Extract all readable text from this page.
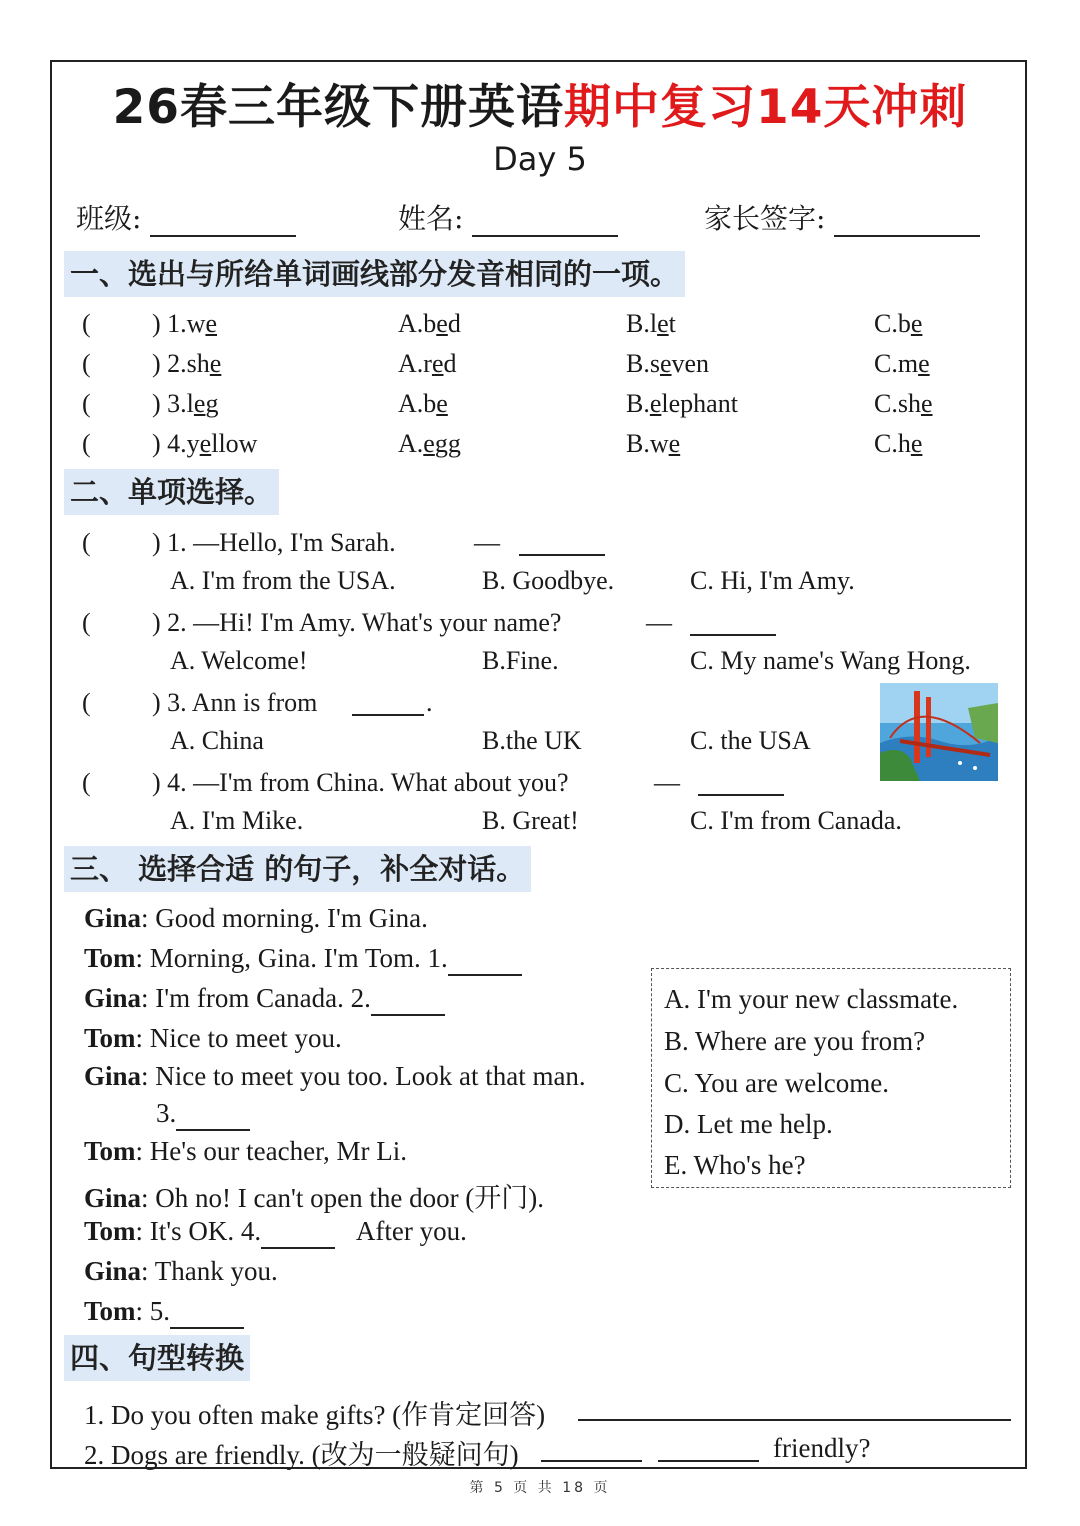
26春三年级下册英语期中复习14天冲刺
Day 5
班级:	姓名:	家长签字:
一、选出与所给单词画线部分发音相同的一项。
( ) 1.we	A.bed	B.let	C.be
( ) 2.she	A.red	B.seven	C.me
( ) 3.leg	A.be	B.elephant	C.she
( ) 4.yellow	A.egg	B.we	C.he
二、单项选择。
( ) 1. —Hello, I'm Sarah.	—
A. I'm from the USA.	B. Goodbye.	C. Hi, I'm Amy.
( ) 2. —Hi! I'm Amy. What's your name?	—
A. Welcome!	B.Fine.	C. My name's Wang Hong.
( ) 3. Ann is from	.
A. China	B.the UK	C. the USA
( ) 4. —I'm from China. What about you?	—
A. I'm Mike.	B. Great!	C. I'm from Canada.
三、 选择合适 的句子，补全对话。
Gina: Good morning. I'm Gina.
Tom: Morning, Gina. I'm Tom. 1.
Gina: I'm from Canada. 2.
Tom: Nice to meet you.
Gina: Nice to meet you too. Look at that man.
3.
Tom: He's our teacher, Mr Li.
Gina: Oh no! I can't open the door (开门).
Tom: It's OK. 4.	After you.
Gina: Thank you.
Tom: 5.
A. I'm your new classmate.
B. Where are you from?
C. You are welcome.
D. Let me help.
E. Who's he?
四、句型转换
1. Do you often make gifts? (作肯定回答)
2. Dogs are friendly. (改为一般疑问句)	friendly?
第 5 页 共 18 页
